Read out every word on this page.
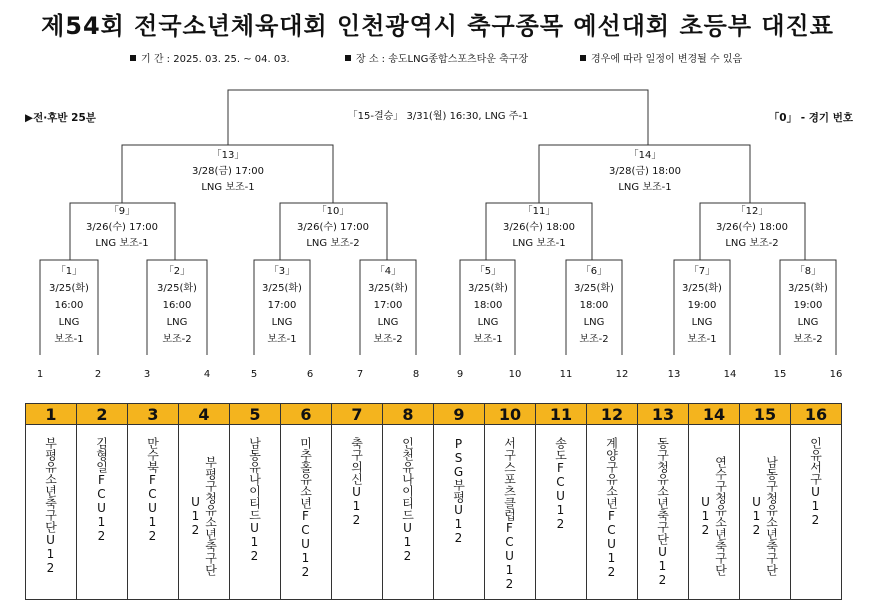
제54회 전국소년체육대회 인천광역시 축구종목 예선대회 초등부 대진표
기 간 : 2025. 03. 25. ~ 04. 03.	장 소 : 송도LNG종합스포츠타운 축구장	경우에 따라 일정이 변경될 수 있음
▶전·후반 25분	「0」 - 경기 번호
「15-결승」 3/31(월) 16:30, LNG 주-1
「13」
3/28(금) 17:00
LNG 보조-1
「14」
3/28(금) 18:00
LNG 보조-1
「9」
3/26(수) 17:00
LNG 보조-1
「10」
3/26(수) 17:00
LNG 보조-2
「11」
3/26(수) 18:00
LNG 보조-1
「12」
3/26(수) 18:00
LNG 보조-2
「1」
3/25(화)
16:00
LNG
보조-1
「2」
3/25(화)
16:00
LNG
보조-2
「3」
3/25(화)
17:00
LNG
보조-1
「4」
3/25(화)
17:00
LNG
보조-2
「5」
3/25(화)
18:00
LNG
보조-1
「6」
3/25(화)
18:00
LNG
보조-2
「7」
3/25(화)
19:00
LNG
보조-1
「8」
3/25(화)
19:00
LNG
보조-2
1	2	3	4	5	6	7	8	9	10	11	12	13	14	15	16
1	2	3	4	5	6	7	8	9	10	11	12	13	14	15	16
부평유소년축구단U12	김형일FCU12	만수북FCU12	부평구청유소년축구단U12	남동유나이티드U12	미추홀유소년FCU12	축구의신U12	인천유나이티드U12	PSG부평U12	서구스포츠클럽FCU12	송도FCU12	계양구유소년FCU12	동구청유소년축구단U12	연수구청유소년축구단U12	남동구청유소년축구단U12	인유서구U12
